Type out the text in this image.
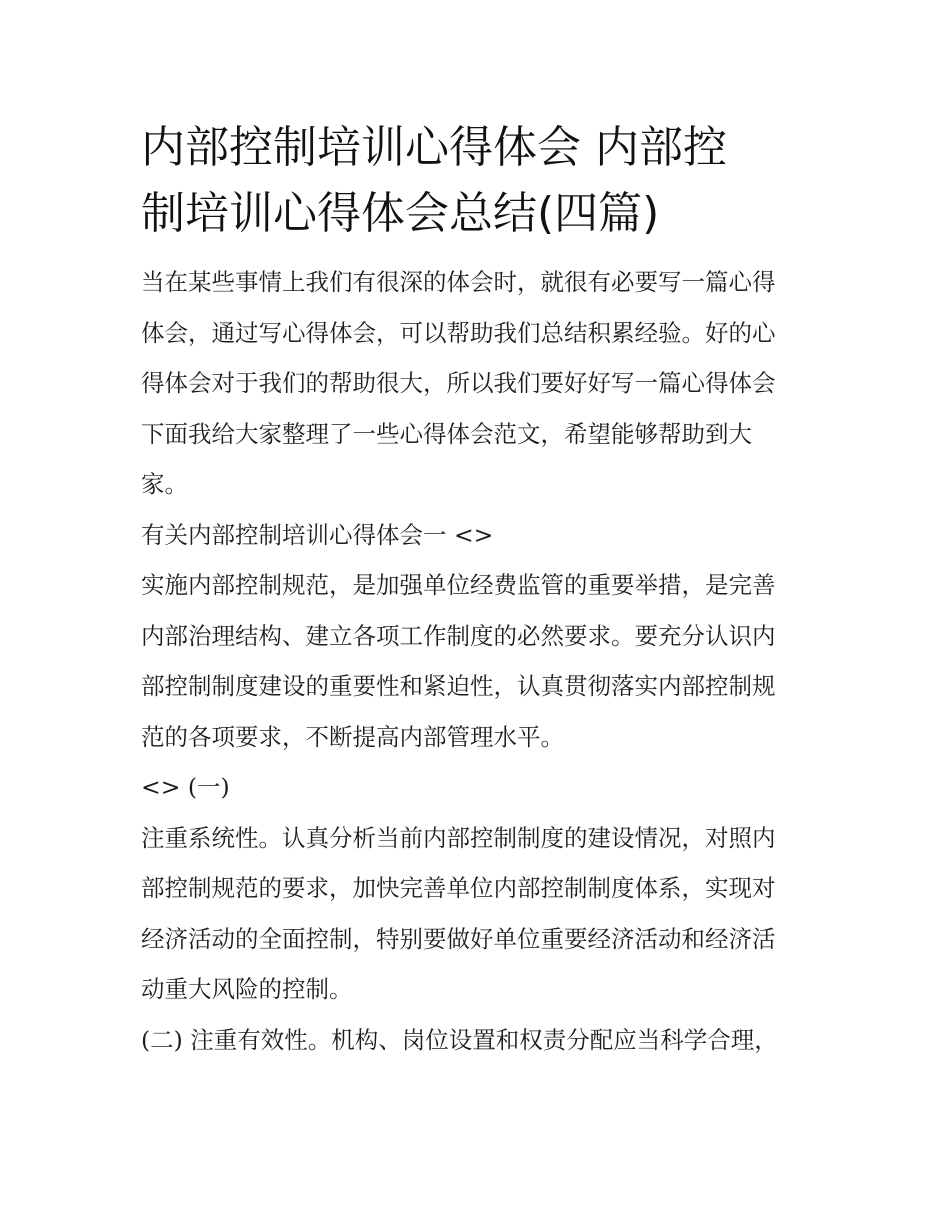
内部控制培训心得体会 内部控
制培训心得体会总结(四篇)

当在某些事情上我们有很深的体会时，就很有必要写一篇心得
体会，通过写心得体会，可以帮助我们总结积累经验。好的心
得体会对于我们的帮助很大，所以我们要好好写一篇心得体会
下面我给大家整理了一些心得体会范文，希望能够帮助到大
家。

有关内部控制培训心得体会一 <>

实施内部控制规范，是加强单位经费监管的重要举措，是完善
内部治理结构、建立各项工作制度的必然要求。要充分认识内
部控制制度建设的重要性和紧迫性，认真贯彻落实内部控制规
范的各项要求，不断提高内部管理水平。

<> (一)

注重系统性。认真分析当前内部控制制度的建设情况，对照内
部控制规范的要求，加快完善单位内部控制制度体系，实现对
经济活动的全面控制，特别要做好单位重要经济活动和经济活
动重大风险的控制。

(二) 注重有效性。机构、岗位设置和权责分配应当科学合理，
